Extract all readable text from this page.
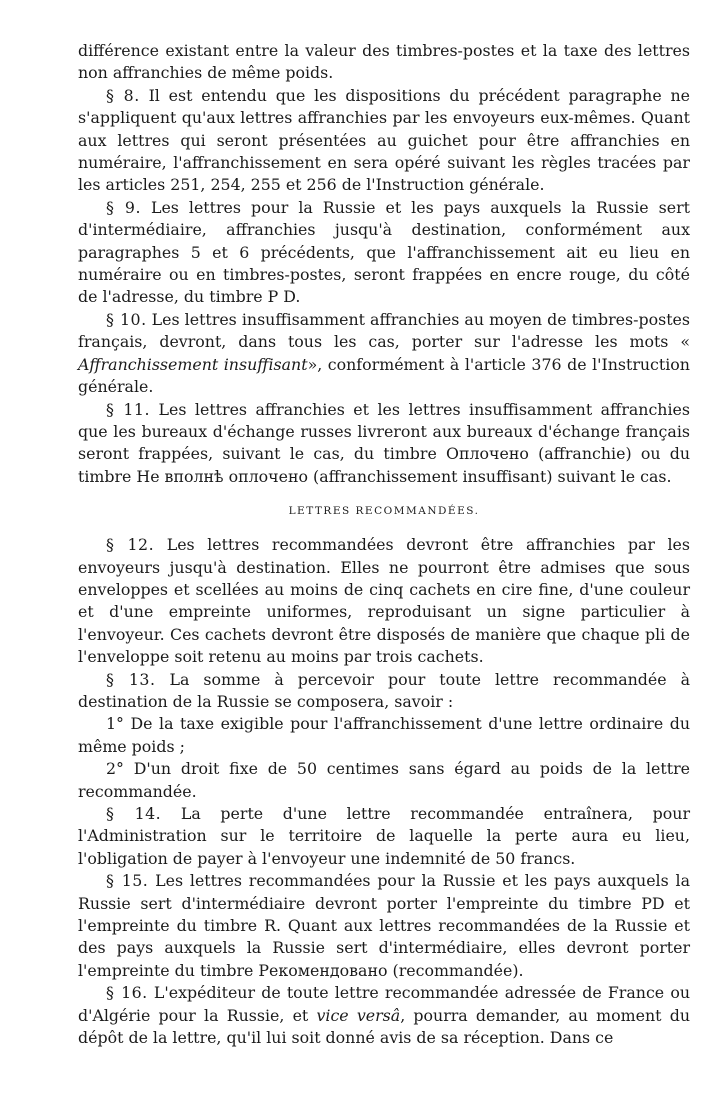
différence existant entre la valeur des timbres-postes et la taxe des lettres non affranchies de même poids.

§ 8. Il est entendu que les dispositions du précédent paragraphe ne s'appliquent qu'aux lettres affranchies par les envoyeurs eux-mêmes. Quant aux lettres qui seront présentées au guichet pour être affranchies en numéraire, l'affranchissement en sera opéré suivant les règles tracées par les articles 251, 254, 255 et 256 de l'Instruction générale.

§ 9. Les lettres pour la Russie et les pays auxquels la Russie sert d'intermédiaire, affranchies jusqu'à destination, conformément aux paragraphes 5 et 6 précédents, que l'affranchissement ait eu lieu en numéraire ou en timbres-postes, seront frappées en encre rouge, du côté de l'adresse, du timbre P D.

§ 10. Les lettres insuffisamment affranchies au moyen de timbres-postes français, devront, dans tous les cas, porter sur l'adresse les mots « Affranchissement insuffisant», conformément à l'article 376 de l'Instruction générale.

§ 11. Les lettres affranchies et les lettres insuffisamment affranchies que les bureaux d'échange russes livreront aux bureaux d'échange français seront frappées, suivant le cas, du timbre Оплочено (affranchie) ou du timbre Не вполнѣ оплочено (affranchissement insuffisant) suivant le cas.

LETTRES RECOMMANDÉES.

§ 12. Les lettres recommandées devront être affranchies par les envoyeurs jusqu'à destination. Elles ne pourront être admises que sous enveloppes et scellées au moins de cinq cachets en cire fine, d'une couleur et d'une empreinte uniformes, reproduisant un signe particulier à l'envoyeur. Ces cachets devront être disposés de manière que chaque pli de l'enveloppe soit retenu au moins par trois cachets.

§ 13. La somme à percevoir pour toute lettre recommandée à destination de la Russie se composera, savoir :

1° De la taxe exigible pour l'affranchissement d'une lettre ordinaire du même poids ;

2° D'un droit fixe de 50 centimes sans égard au poids de la lettre recommandée.

§ 14. La perte d'une lettre recommandée entraînera, pour l'Administration sur le territoire de laquelle la perte aura eu lieu, l'obligation de payer à l'envoyeur une indemnité de 50 francs.

§ 15. Les lettres recommandées pour la Russie et les pays auxquels la Russie sert d'intermédiaire devront porter l'empreinte du timbre PD et l'empreinte du timbre R. Quant aux lettres recommandées de la Russie et des pays auxquels la Russie sert d'intermédiaire, elles devront porter l'empreinte du timbre Рекомендовано (recommandée).

§ 16. L'expéditeur de toute lettre recommandée adressée de France ou d'Algérie pour la Russie, et vice versâ, pourra demander, au moment du dépôt de la lettre, qu'il lui soit donné avis de sa réception. Dans ce
